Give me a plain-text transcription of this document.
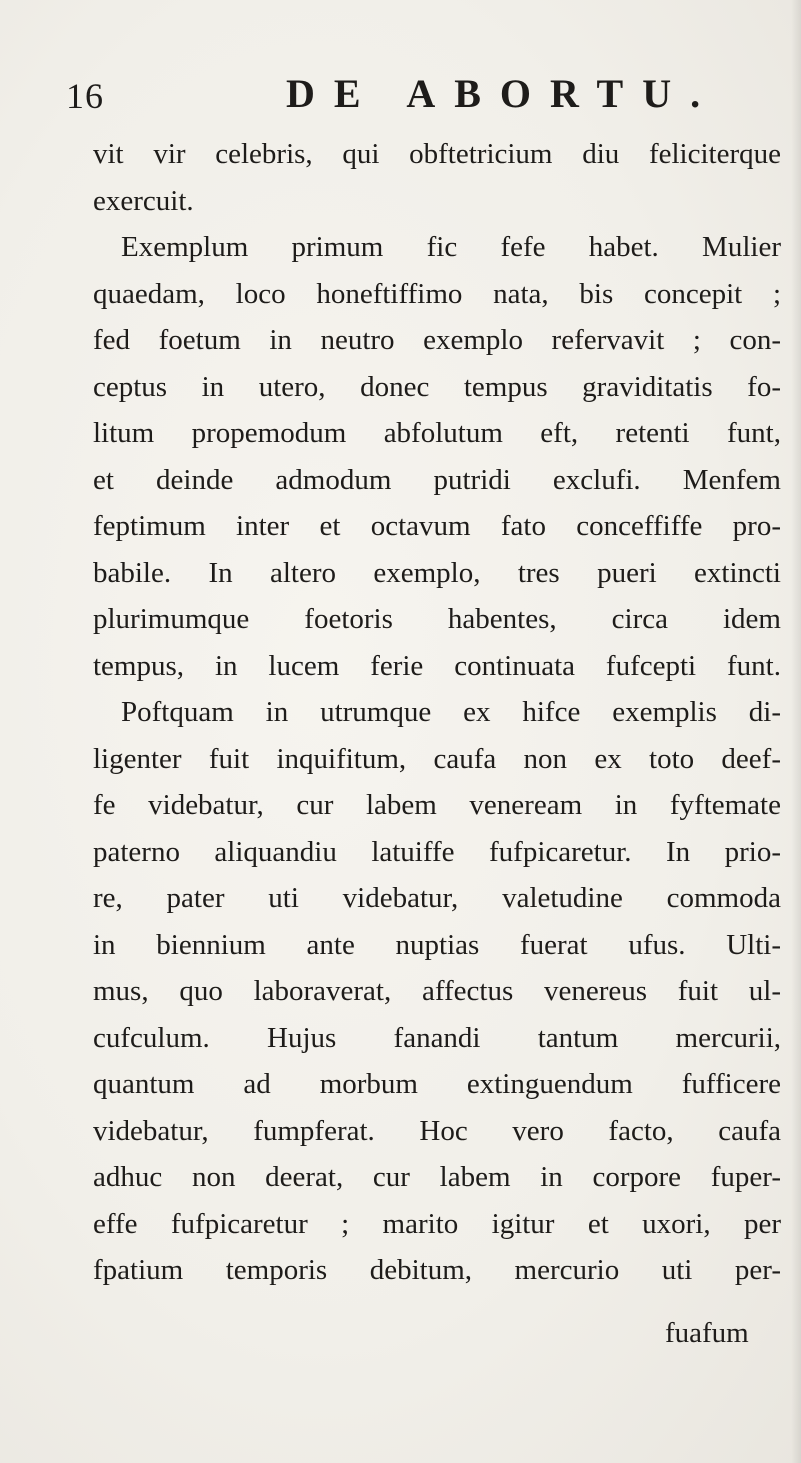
16	DE ABORTU.
vit vir celebris, qui obftetricium diu feliciterque
exercuit.
Exemplum primum fic fefe habet. Mulier
quaedam, loco honeftiffimo nata, bis concepit ;
fed foetum in neutro exemplo refervavit ; con-
ceptus in utero, donec tempus graviditatis fo-
litum propemodum abfolutum eft, retenti funt,
et deinde admodum putridi exclufi. Menfem
feptimum inter et octavum fato conceffiffe pro-
babile. In altero exemplo, tres pueri extincti
plurimumque foetoris habentes, circa idem
tempus, in lucem ferie continuata fufcepti funt.
Poftquam in utrumque ex hifce exemplis di-
ligenter fuit inquifitum, caufa non ex toto deef-
fe videbatur, cur labem veneream in fyftemate
paterno aliquandiu latuiffe fufpicaretur. In prio-
re, pater uti videbatur, valetudine commoda
in biennium ante nuptias fuerat ufus. Ulti-
mus, quo laboraverat, affectus venereus fuit ul-
cufculum. Hujus fanandi tantum mercurii,
quantum ad morbum extinguendum fufficere
videbatur, fumpferat. Hoc vero facto, caufa
adhuc non deerat, cur labem in corpore fuper-
effe fufpicaretur ; marito igitur et uxori, per
fpatium temporis debitum, mercurio uti per-
fuafum
